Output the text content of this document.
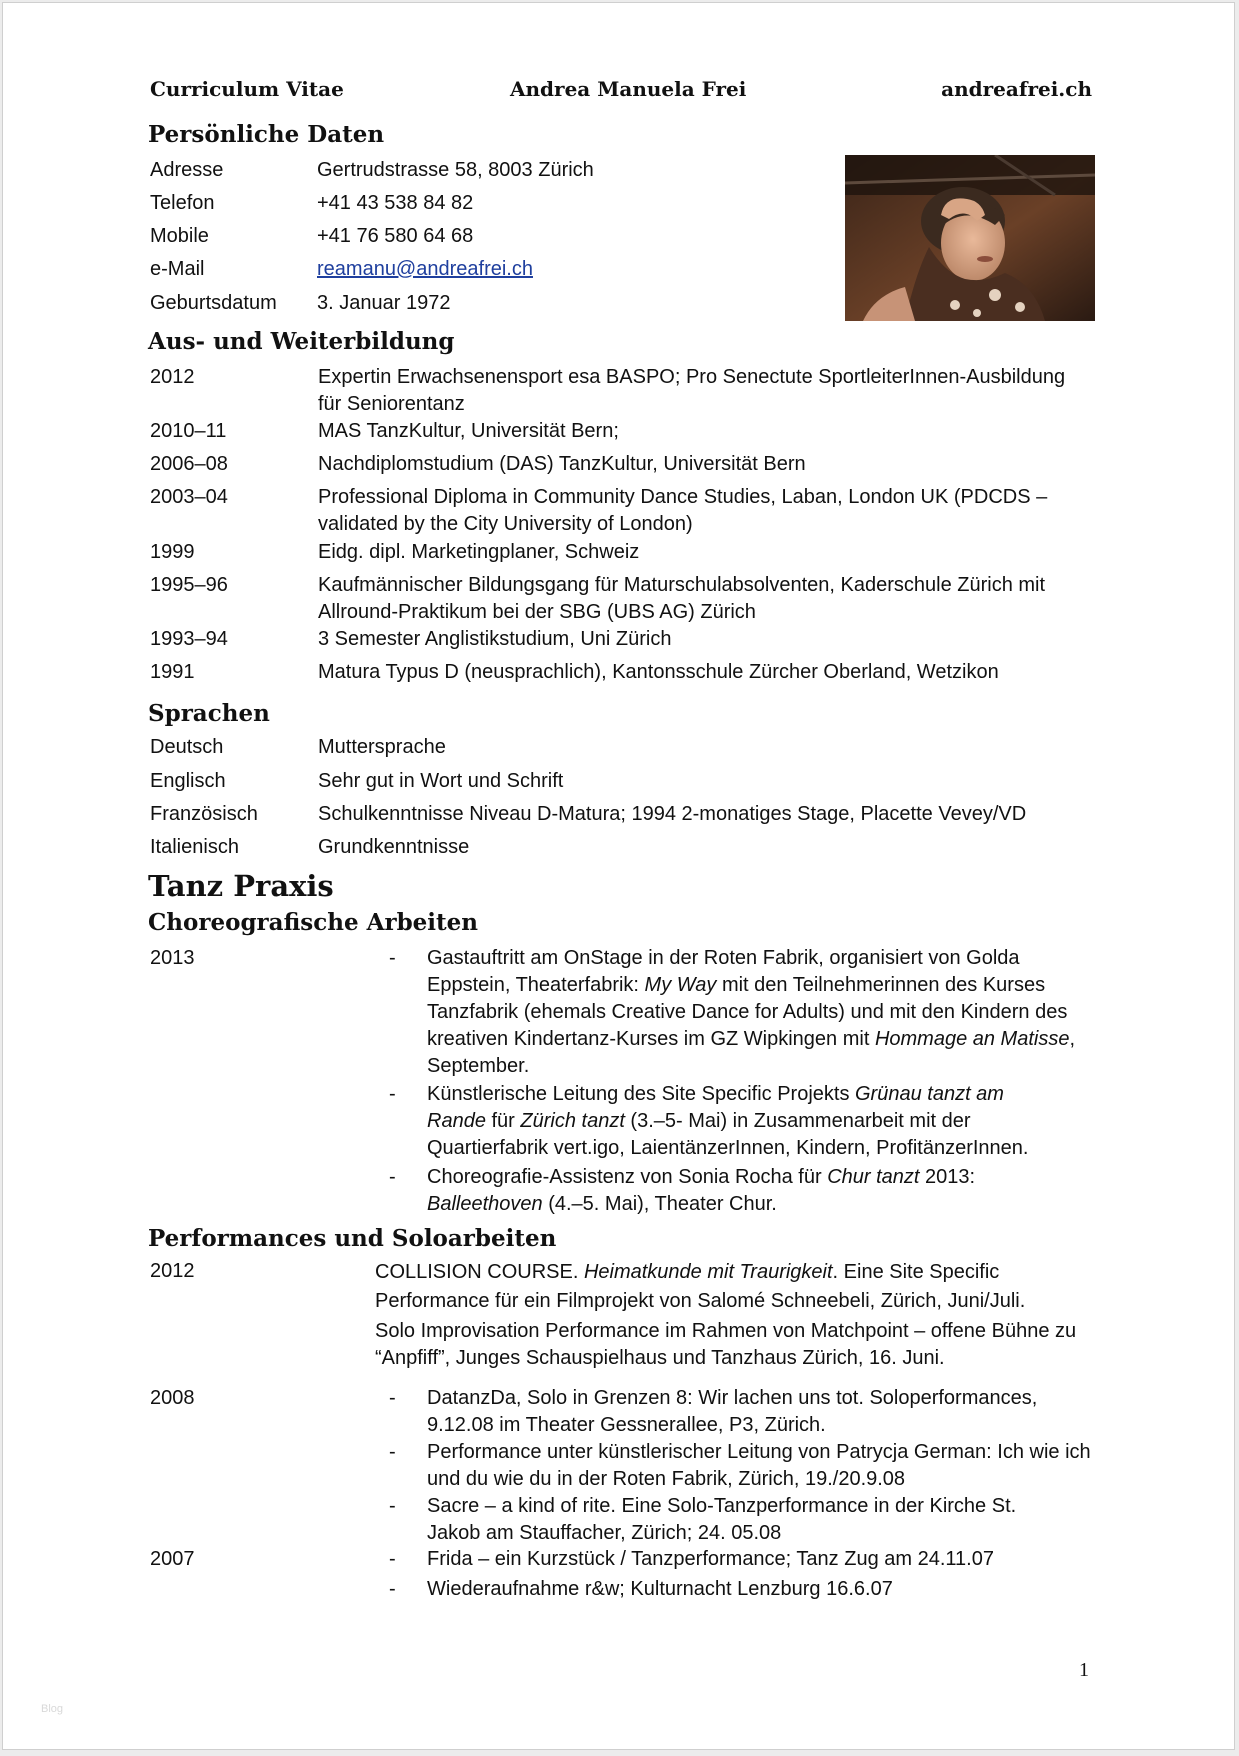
Curriculum Vitae	Andrea Manuela Frei	andreafrei.ch
Persönliche Daten
Adresse	Gertrudstrasse 58, 8003 Zürich
Telefon	+41 43 538 84 82
Mobile	+41 76 580 64 68
e-Mail	reamanu@andreafrei.ch
Geburtsdatum 3. Januar 1972
Aus- und Weiterbildung
2012	Expertin Erwachsenensport esa BASPO; Pro Senectute SportleiterInnen-Ausbildung für Seniorentanz
2010–11	MAS TanzKultur, Universität Bern;
2006–08	Nachdiplomstudium (DAS) TanzKultur, Universität Bern
2003–04	Professional Diploma in Community Dance Studies, Laban, London UK (PDCDS – validated by the City University of London)
1999	Eidg. dipl. Marketingplaner, Schweiz
1995–96	Kaufmännischer Bildungsgang für Maturschulabsolventen, Kaderschule Zürich mit Allround-Praktikum bei der SBG (UBS AG) Zürich
1993–94	3 Semester Anglistikstudium, Uni Zürich
1991	Matura Typus D (neusprachlich), Kantonsschule Zürcher Oberland, Wetzikon
Sprachen
Deutsch	Muttersprache
Englisch	Sehr gut in Wort und Schrift
Französisch	Schulkenntnisse Niveau D-Matura; 1994 2-monatiges Stage, Placette Vevey/VD
Italienisch	Grundkenntnisse
Tanz Praxis
Choreografische Arbeiten
2013	- Gastauftritt am OnStage in der Roten Fabrik, organisiert von Golda Eppstein, Theaterfabrik: My Way mit den Teilnehmerinnen des Kurses Tanzfabrik (ehemals Creative Dance for Adults) und mit den Kindern des kreativen Kindertanz-Kurses im GZ Wipkingen mit Hommage an Matisse, September.
- Künstlerische Leitung des Site Specific Projekts Grünau tanzt am Rande für Zürich tanzt (3.–5- Mai) in Zusammenarbeit mit der Quartierfabrik vert.igo, LaientänzerInnen, Kindern, ProfitänzerInnen.
- Choreografie-Assistenz von Sonia Rocha für Chur tanzt 2013: Balleethoven (4.–5. Mai), Theater Chur.
Performances und Soloarbeiten
2012	COLLISION COURSE. Heimatkunde mit Traurigkeit. Eine Site Specific Performance für ein Filmprojekt von Salomé Schneebeli, Zürich, Juni/Juli.
Solo Improvisation Performance im Rahmen von Matchpoint – offene Bühne zu “Anpfiff”, Junges Schauspielhaus und Tanzhaus Zürich, 16. Juni.
2008	- DatanzDa, Solo in Grenzen 8: Wir lachen uns tot. Soloperformances, 9.12.08 im Theater Gessnerallee, P3, Zürich.
- Performance unter künstlerischer Leitung von Patrycja German: Ich wie ich und du wie du in der Roten Fabrik, Zürich, 19./20.9.08
- Sacre – a kind of rite. Eine Solo-Tanzperformance in der Kirche St. Jakob am Stauffacher, Zürich; 24. 05.08
2007	- Frida – ein Kurzstück / Tanzperformance; Tanz Zug am 24.11.07
- Wiederaufnahme r&w; Kulturnacht Lenzburg 16.6.07
1
Blog
